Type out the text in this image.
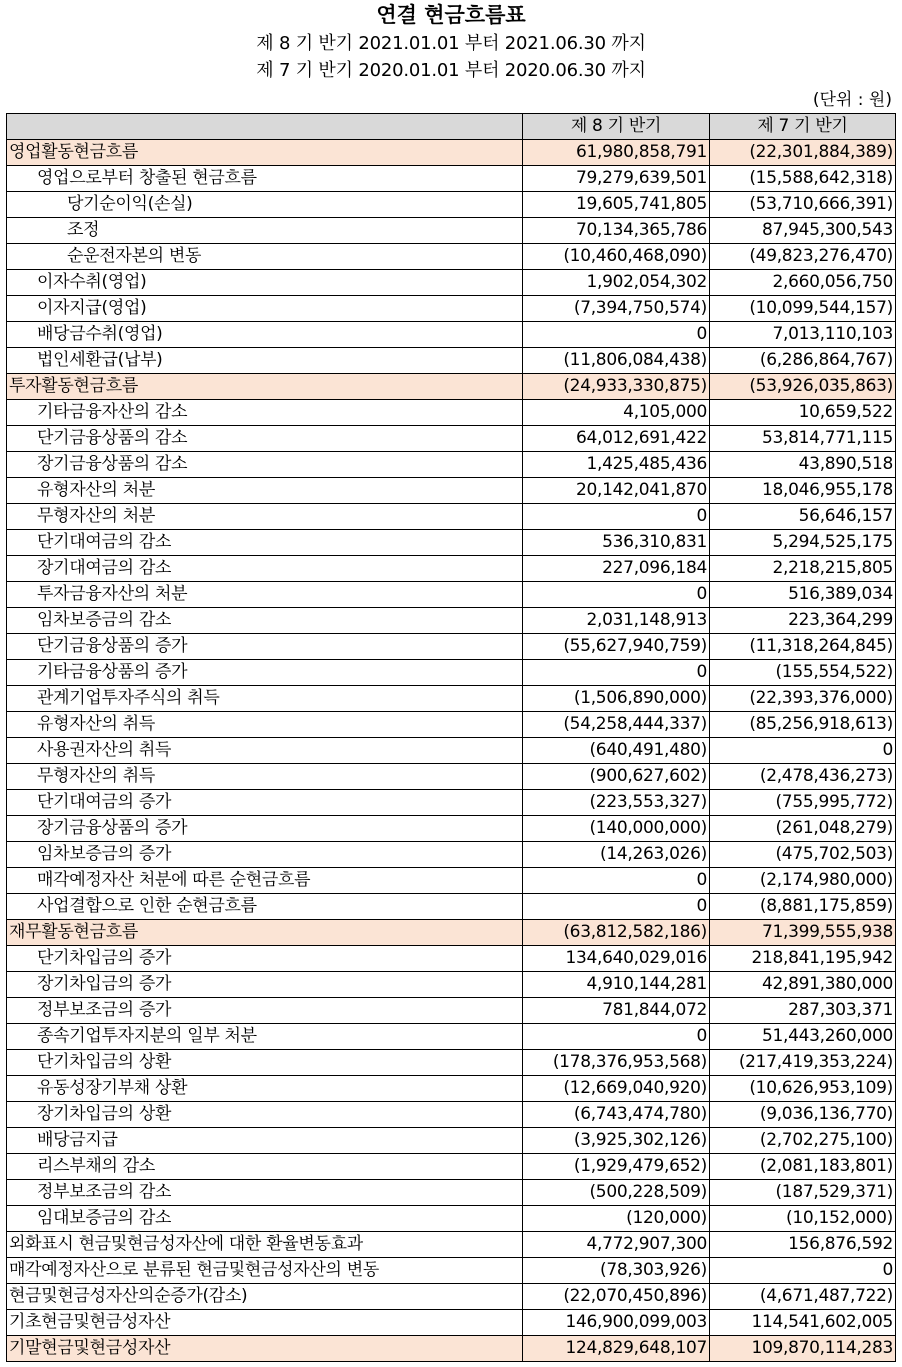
연결 현금흐름표
제 8 기 반기 2021.01.01 부터 2021.06.30 까지
제 7 기 반기 2020.01.01 부터 2020.06.30 까지
(단위 : 원)
	제 8 기 반기	제 7 기 반기
영업활동현금흐름	61,980,858,791	(22,301,884,389)
영업으로부터 창출된 현금흐름	79,279,639,501	(15,588,642,318)
당기순이익(손실)	19,605,741,805	(53,710,666,391)
조정	70,134,365,786	87,945,300,543
순운전자본의 변동	(10,460,468,090)	(49,823,276,470)
이자수취(영업)	1,902,054,302	2,660,056,750
이자지급(영업)	(7,394,750,574)	(10,099,544,157)
배당금수취(영업)	0	7,013,110,103
법인세환급(납부)	(11,806,084,438)	(6,286,864,767)
투자활동현금흐름	(24,933,330,875)	(53,926,035,863)
기타금융자산의 감소	4,105,000	10,659,522
단기금융상품의 감소	64,012,691,422	53,814,771,115
장기금융상품의 감소	1,425,485,436	43,890,518
유형자산의 처분	20,142,041,870	18,046,955,178
무형자산의 처분	0	56,646,157
단기대여금의 감소	536,310,831	5,294,525,175
장기대여금의 감소	227,096,184	2,218,215,805
투자금융자산의 처분	0	516,389,034
임차보증금의 감소	2,031,148,913	223,364,299
단기금융상품의 증가	(55,627,940,759)	(11,318,264,845)
기타금융상품의 증가	0	(155,554,522)
관계기업투자주식의 취득	(1,506,890,000)	(22,393,376,000)
유형자산의 취득	(54,258,444,337)	(85,256,918,613)
사용권자산의 취득	(640,491,480)	0
무형자산의 취득	(900,627,602)	(2,478,436,273)
단기대여금의 증가	(223,553,327)	(755,995,772)
장기금융상품의 증가	(140,000,000)	(261,048,279)
임차보증금의 증가	(14,263,026)	(475,702,503)
매각예정자산 처분에 따른 순현금흐름	0	(2,174,980,000)
사업결합으로 인한 순현금흐름	0	(8,881,175,859)
재무활동현금흐름	(63,812,582,186)	71,399,555,938
단기차입금의 증가	134,640,029,016	218,841,195,942
장기차입금의 증가	4,910,144,281	42,891,380,000
정부보조금의 증가	781,844,072	287,303,371
종속기업투자지분의 일부 처분	0	51,443,260,000
단기차입금의 상환	(178,376,953,568)	(217,419,353,224)
유동성장기부채 상환	(12,669,040,920)	(10,626,953,109)
장기차입금의 상환	(6,743,474,780)	(9,036,136,770)
배당금지급	(3,925,302,126)	(2,702,275,100)
리스부채의 감소	(1,929,479,652)	(2,081,183,801)
정부보조금의 감소	(500,228,509)	(187,529,371)
임대보증금의 감소	(120,000)	(10,152,000)
외화표시 현금및현금성자산에 대한 환율변동효과	4,772,907,300	156,876,592
매각예정자산으로 분류된 현금및현금성자산의 변동	(78,303,926)	0
현금및현금성자산의순증가(감소)	(22,070,450,896)	(4,671,487,722)
기초현금및현금성자산	146,900,099,003	114,541,602,005
기말현금및현금성자산	124,829,648,107	109,870,114,283
